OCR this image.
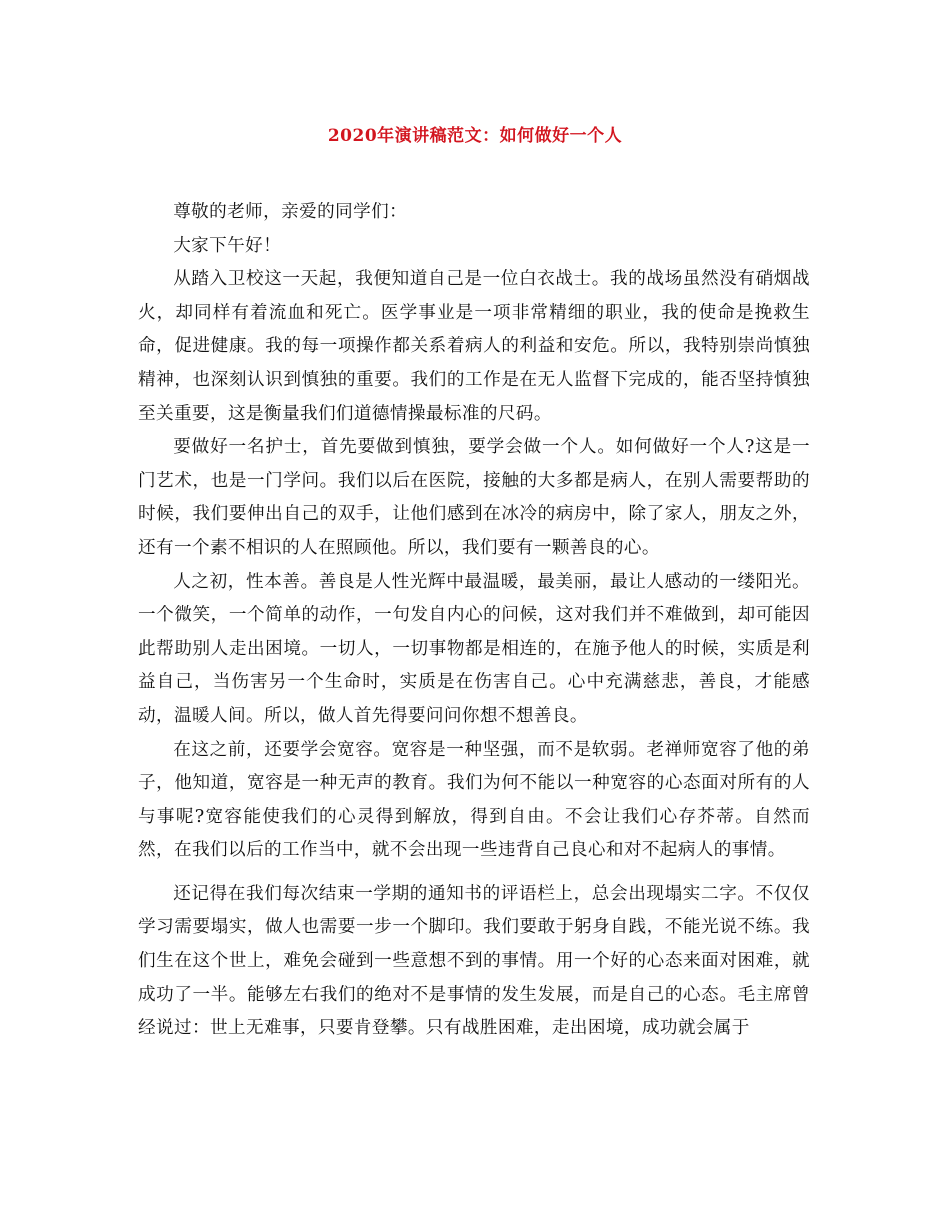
2020年演讲稿范文：如何做好一个人

尊敬的老师，亲爱的同学们：

大家下午好！

从踏入卫校这一天起，我便知道自己是一位白衣战士。我的战场虽然没有硝烟战火，却同样有着流血和死亡。医学事业是一项非常精细的职业，我的使命是挽救生命，促进健康。我的每一项操作都关系着病人的利益和安危。所以，我特别崇尚慎独精神，也深刻认识到慎独的重要。我们的工作是在无人监督下完成的，能否坚持慎独至关重要，这是衡量我们们道德情操最标准的尺码。

要做好一名护士，首先要做到慎独，要学会做一个人。如何做好一个人?这是一门艺术，也是一门学问。我们以后在医院，接触的大多都是病人，在别人需要帮助的时候，我们要伸出自己的双手，让他们感到在冰冷的病房中，除了家人，朋友之外，还有一个素不相识的人在照顾他。所以，我们要有一颗善良的心。

人之初，性本善。善良是人性光辉中最温暖，最美丽，最让人感动的一缕阳光。一个微笑，一个简单的动作，一句发自内心的问候，这对我们并不难做到，却可能因此帮助别人走出困境。一切人，一切事物都是相连的，在施予他人的时候，实质是利益自己，当伤害另一个生命时，实质是在伤害自己。心中充满慈悲，善良，才能感动，温暖人间。所以，做人首先得要问问你想不想善良。

在这之前，还要学会宽容。宽容是一种坚强，而不是软弱。老禅师宽容了他的弟子，他知道，宽容是一种无声的教育。我们为何不能以一种宽容的心态面对所有的人与事呢?宽容能使我们的心灵得到解放，得到自由。不会让我们心存芥蒂。自然而然，在我们以后的工作当中，就不会出现一些违背自己良心和对不起病人的事情。

还记得在我们每次结束一学期的通知书的评语栏上，总会出现塌实二字。不仅仅学习需要塌实，做人也需要一步一个脚印。我们要敢于躬身自践，不能光说不练。我们生在这个世上，难免会碰到一些意想不到的事情。用一个好的心态来面对困难，就成功了一半。能够左右我们的绝对不是事情的发生发展，而是自己的心态。毛主席曾经说过：世上无难事，只要肯登攀。只有战胜困难，走出困境，成功就会属于
